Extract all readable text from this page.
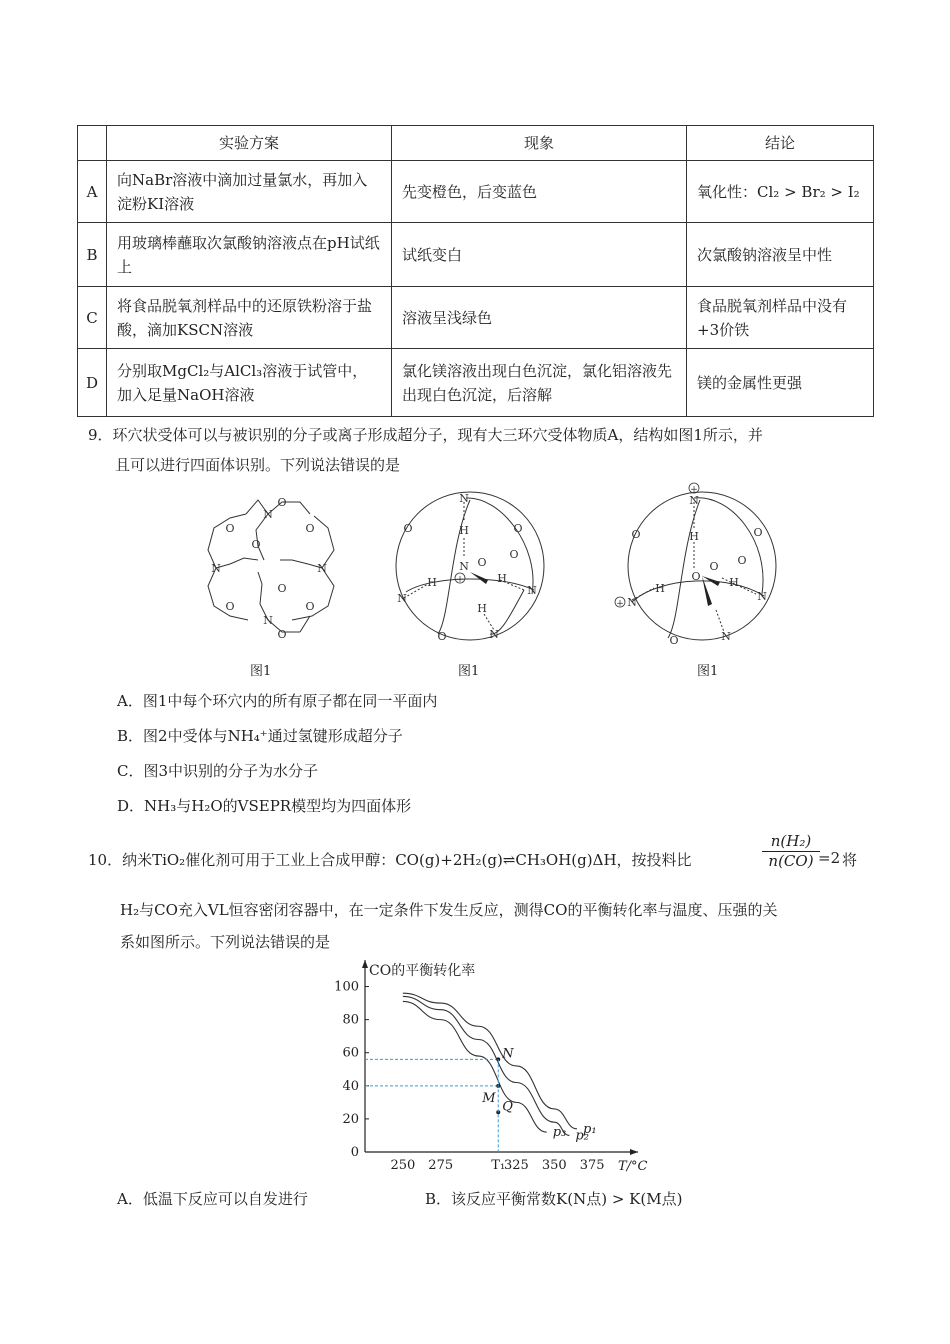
	实验方案	现象	结论
A	向NaBr溶液中滴加过量氯水，再加入淀粉KI溶液	先变橙色，后变蓝色	氧化性：Cl₂ > Br₂ > I₂
B	用玻璃棒蘸取次氯酸钠溶液点在pH试纸上	试纸变白	次氯酸钠溶液呈中性
C	将食品脱氧剂样品中的还原铁粉溶于盐酸，滴加KSCN溶液	溶液呈浅绿色	食品脱氧剂样品中没有+3价铁
D	分别取MgCl₂与AlCl₃溶液于试管中，加入足量NaOH溶液	氯化镁溶液出现白色沉淀，氯化铝溶液先出现白色沉淀，后溶解	镁的金属性更强
9．环穴状受体可以与被识别的分子或离子形成超分子，现有大三环穴受体物质A，结构如图1所示，并
且可以进行四面体识别。下列说法错误的是
N	N
N
N
O
O
O
O
O
O
O
O
N
H
N
H	H
H
N
N
N
O	O
O
O
O
+
N
H
O
H	H
N	N
N
O	O
O
O
O
+
+
图1	图1	图1
A．图1中每个环穴内的所有原子都在同一平面内
B．图2中受体与NH₄⁺通过氢键形成超分子
C．图3中识别的分子为水分子
D．NH₃与H₂O的VSEPR模型均为四面体形
10．纳米TiO₂催化剂可用于工业上合成甲醇：CO(g)+2H₂(g)⇌CH₃OH(g)ΔH，按投料比	$\frac{\text{n(H₂)}}{n(CO)}$
=2 将
H₂与CO充入VL恒容密闭容器中，在一定条件下发生反应，测得CO的平衡转化率与温度、压强的关
系如图所示。下列说法错误的是
CO的平衡转化率
T/°C
0
20
40
60
80
100
250 275	T₁
325 350 375
p₁
p₂
p₃
N
M
Q
A．低温下反应可以自发进行	B．该反应平衡常数K(N点) > K(M点)
